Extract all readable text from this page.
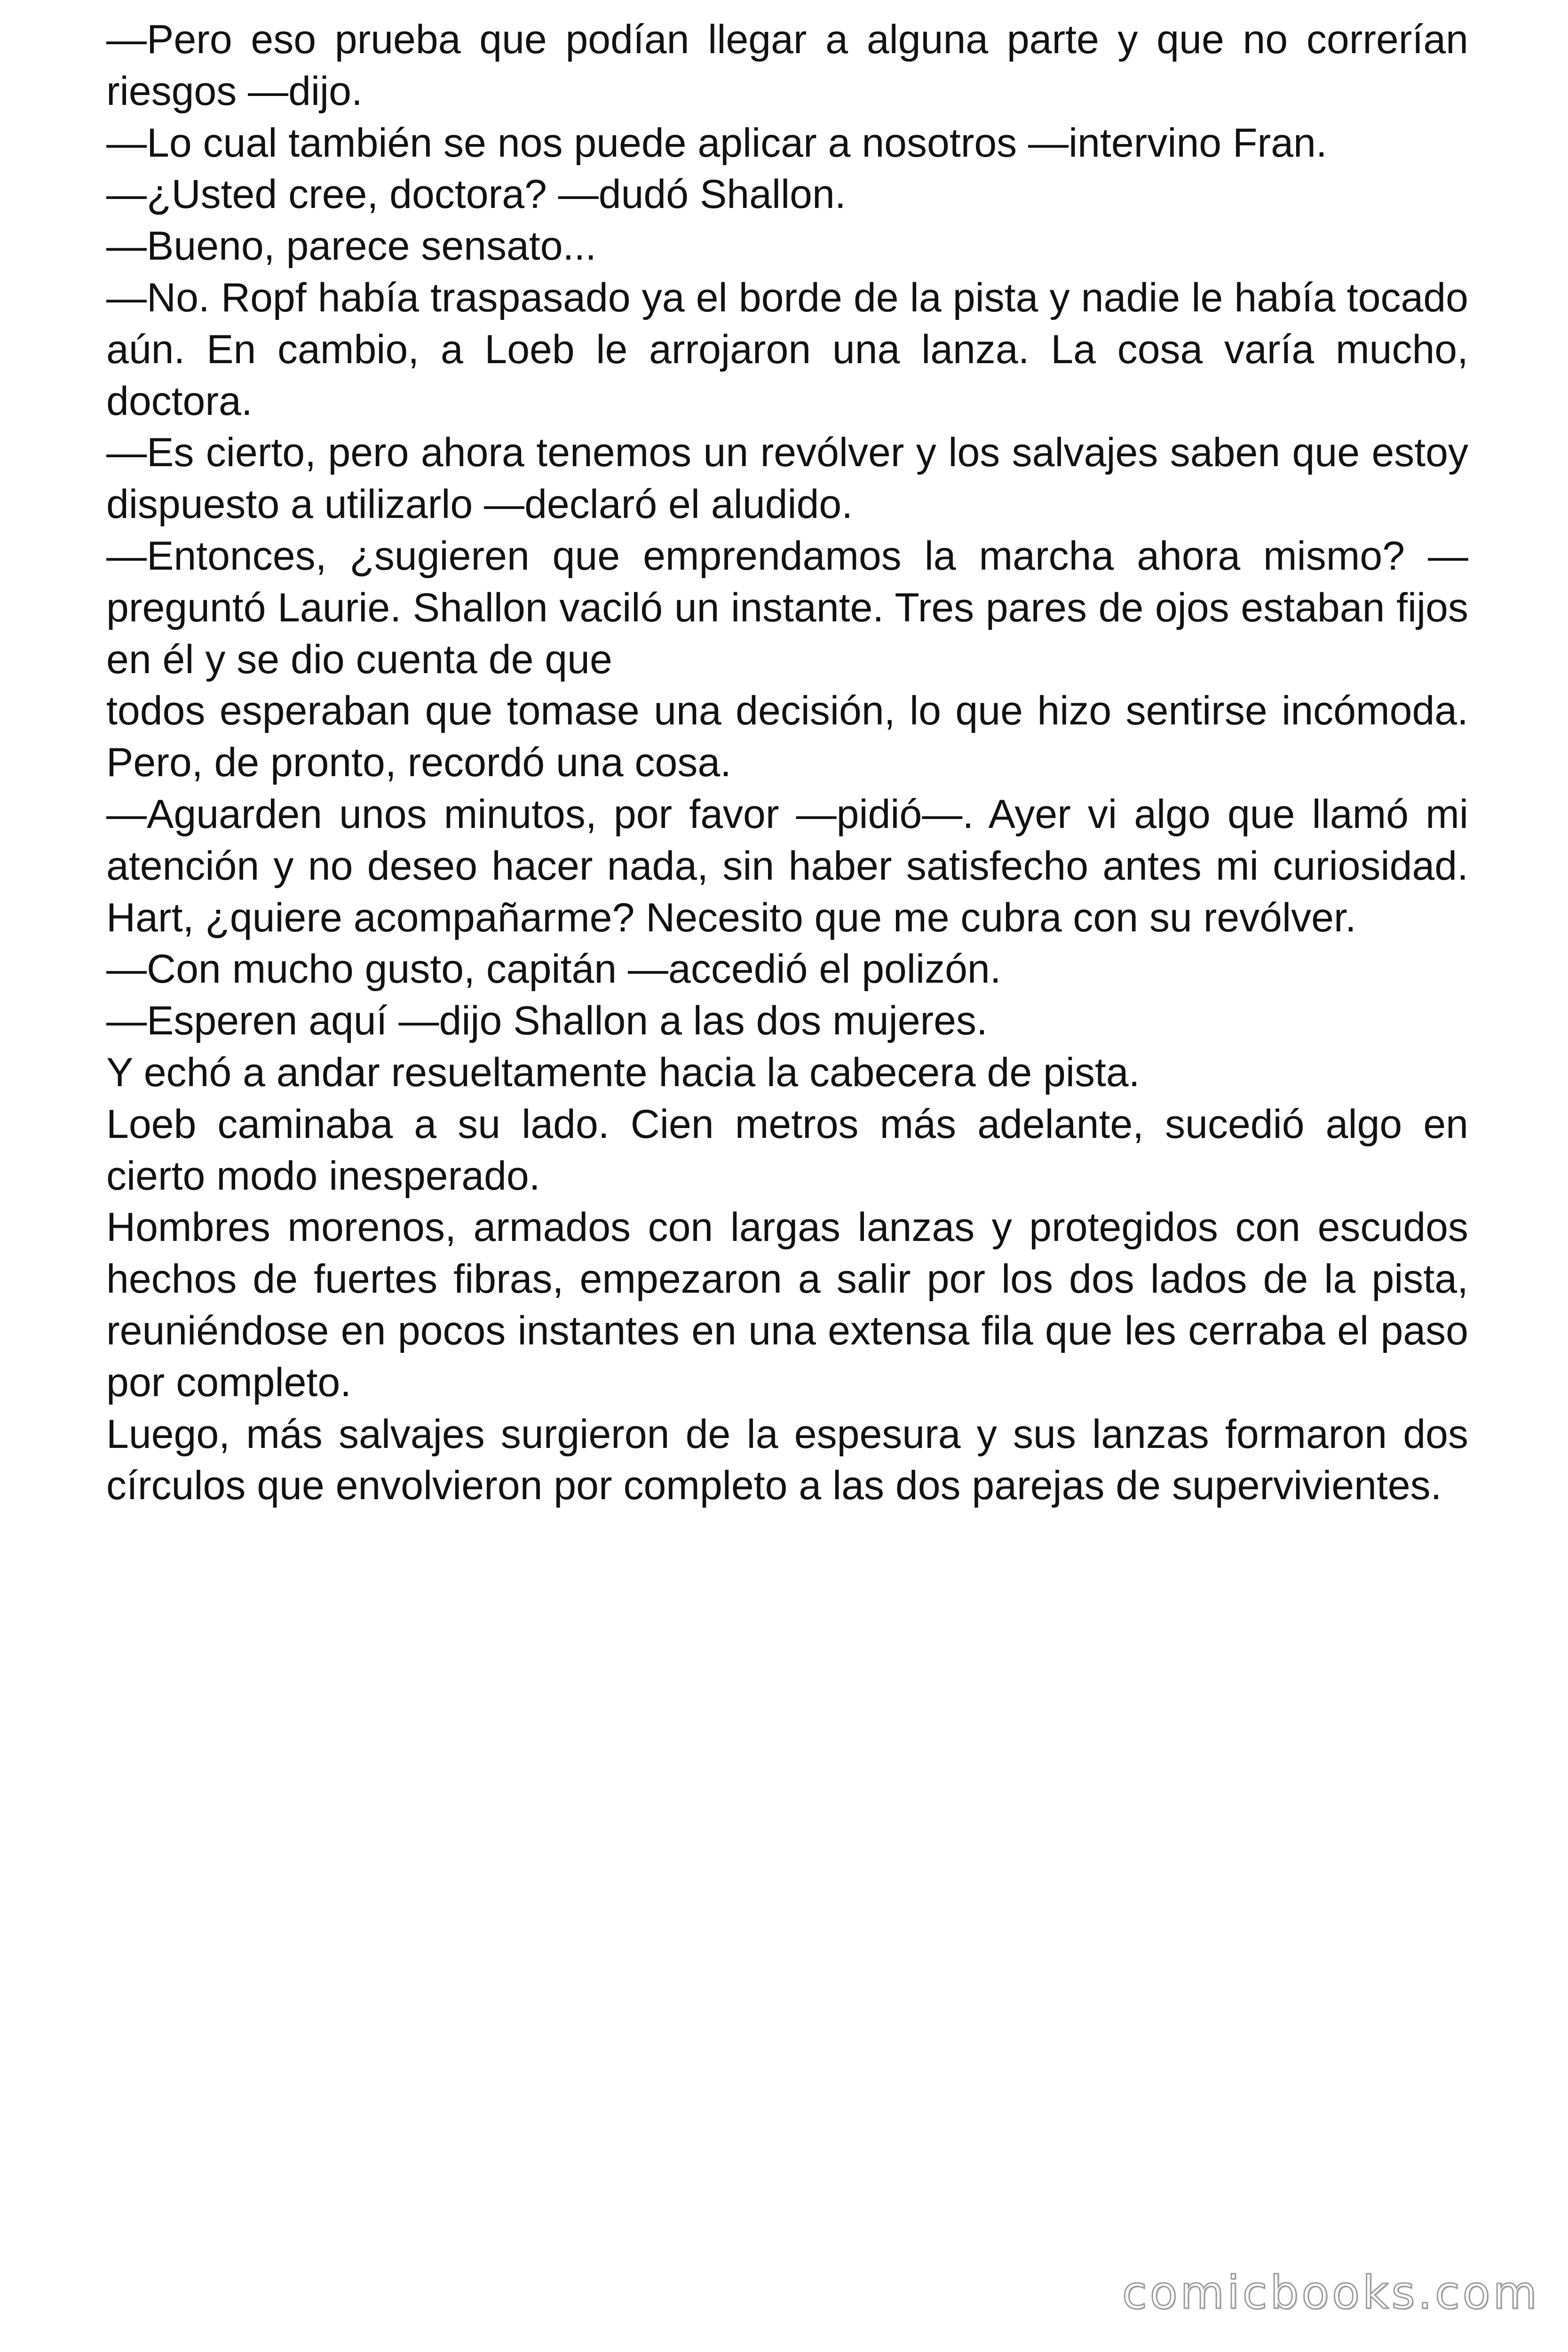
—Pero eso prueba que podían llegar a alguna parte y que no correrían riesgos —dijo.

—Lo cual también se nos puede aplicar a nosotros —intervino Fran.

—¿Usted cree, doctora? —dudó Shallon.

—Bueno, parece sensato...

—No. Ropf había traspasado ya el borde de la pista y nadie le había tocado aún. En cambio, a Loeb le arrojaron una lanza. La cosa varía mucho, doctora.

—Es cierto, pero ahora tenemos un revólver y los salvajes saben que estoy dispuesto a utilizarlo —declaró el aludido.

—Entonces, ¿sugieren que emprendamos la marcha ahora mismo? — preguntó Laurie. Shallon vaciló un instante. Tres pares de ojos estaban fijos en él y se dio cuenta de que

todos esperaban que tomase una decisión, lo que hizo sentirse incómoda. Pero, de pronto, recordó una cosa.

—Aguarden unos minutos, por favor —pidió—. Ayer vi algo que llamó mi atención y no deseo hacer nada, sin haber satisfecho antes mi curiosidad. Hart, ¿quiere acompañarme? Necesito que me cubra con su revólver.

—Con mucho gusto, capitán —accedió el polizón.

—Esperen aquí —dijo Shallon a las dos mujeres.

Y echó a andar resueltamente hacia la cabecera de pista.

Loeb caminaba a su lado. Cien metros más adelante, sucedió algo en cierto modo inesperado.

Hombres morenos, armados con largas lanzas y protegidos con escudos hechos de fuertes fibras, empezaron a salir por los dos lados de la pista, reuniéndose en pocos instantes en una extensa fila que les cerraba el paso por completo.

Luego, más salvajes surgieron de la espesura y sus lanzas formaron dos círculos que envolvieron por completo a las dos parejas de supervivientes.

comicbooks.com
